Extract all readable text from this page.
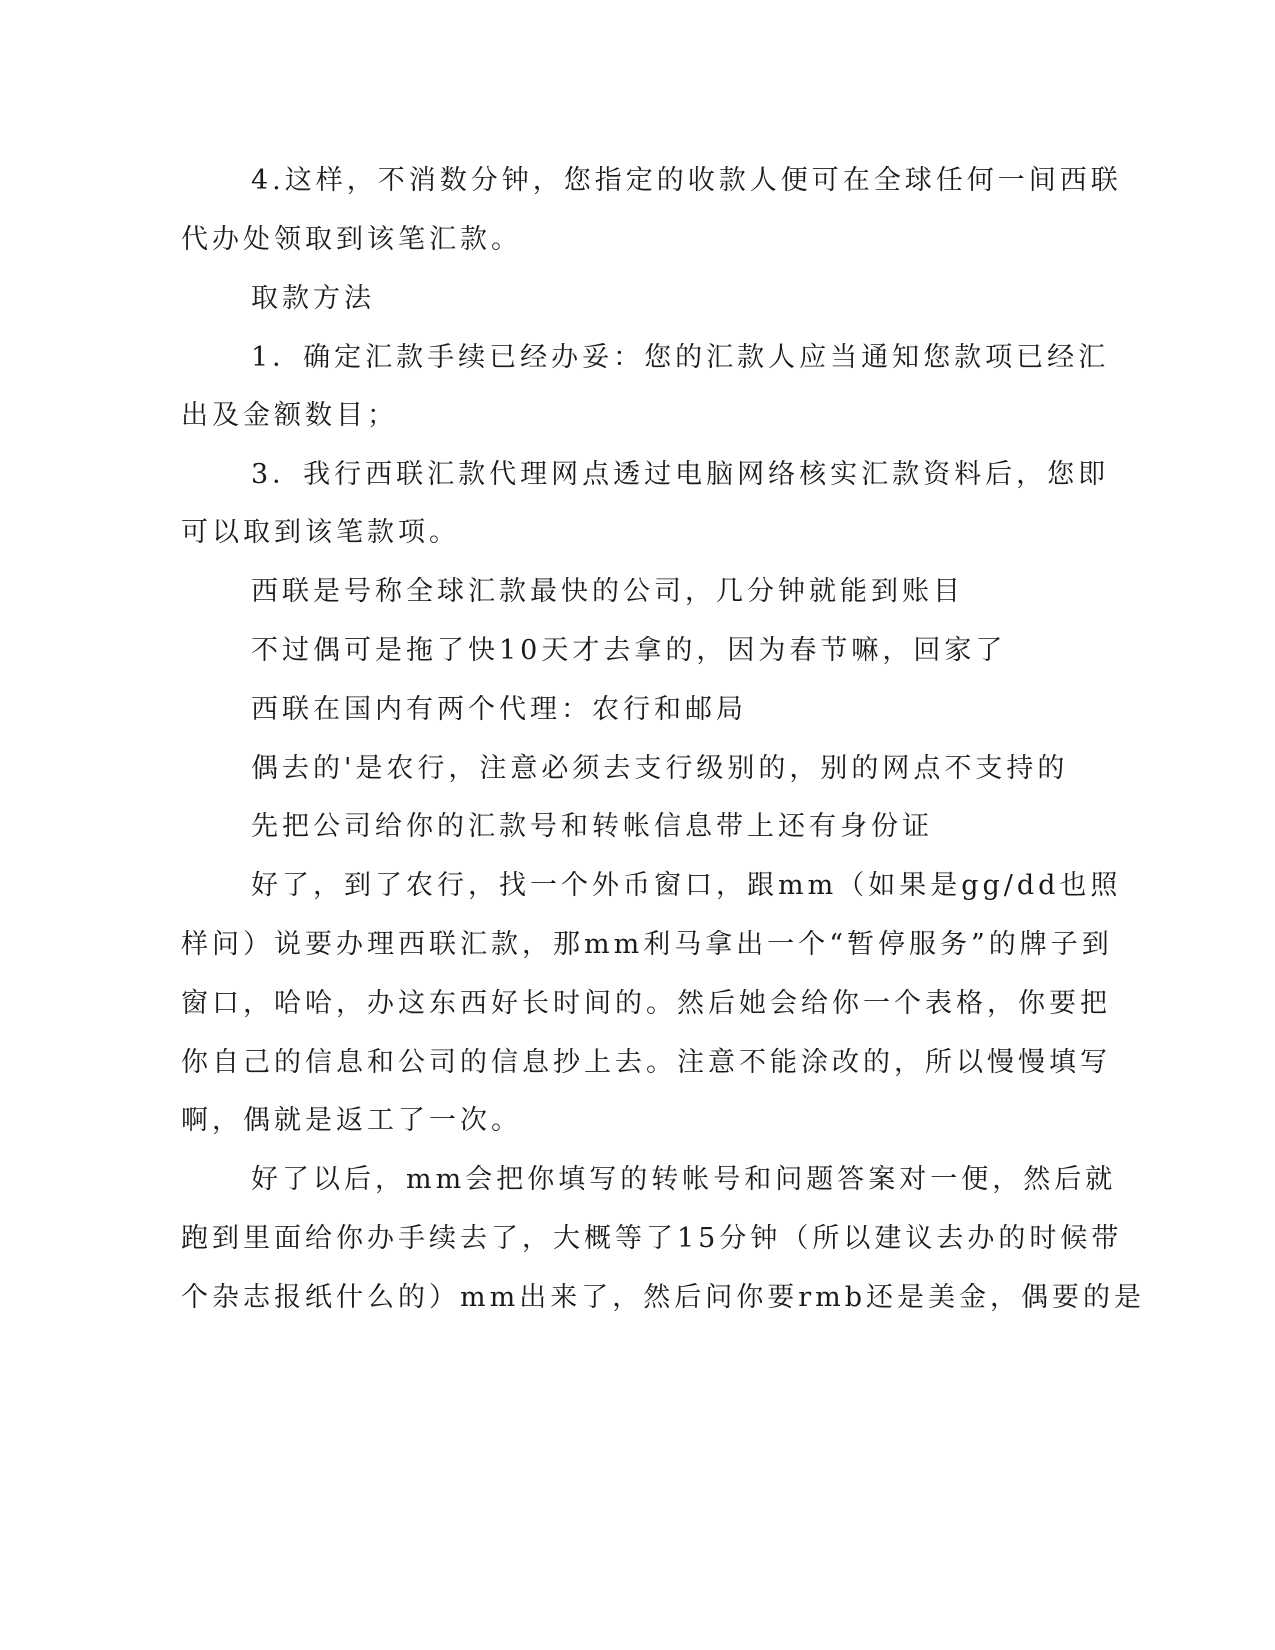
4.这样，不消数分钟，您指定的收款人便可在全球任何一间西联
代办处领取到该笔汇款。
取款方法
1．确定汇款手续已经办妥：您的汇款人应当通知您款项已经汇
出及金额数目；
3．我行西联汇款代理网点透过电脑网络核实汇款资料后，您即
可以取到该笔款项。
西联是号称全球汇款最快的公司，几分钟就能到账目
不过偶可是拖了快10天才去拿的，因为春节嘛，回家了
西联在国内有两个代理：农行和邮局
偶去的'是农行，注意必须去支行级别的，别的网点不支持的
先把公司给你的汇款号和转帐信息带上还有身份证
好了，到了农行，找一个外币窗口，跟mm（如果是gg/dd也照
样问）说要办理西联汇款，那mm利马拿出一个“暂停服务”的牌子到
窗口，哈哈，办这东西好长时间的。然后她会给你一个表格，你要把
你自己的信息和公司的信息抄上去。注意不能涂改的，所以慢慢填写
啊，偶就是返工了一次。
好了以后，mm会把你填写的转帐号和问题答案对一便，然后就
跑到里面给你办手续去了，大概等了15分钟（所以建议去办的时候带
个杂志报纸什么的）mm出来了，然后问你要rmb还是美金，偶要的是
